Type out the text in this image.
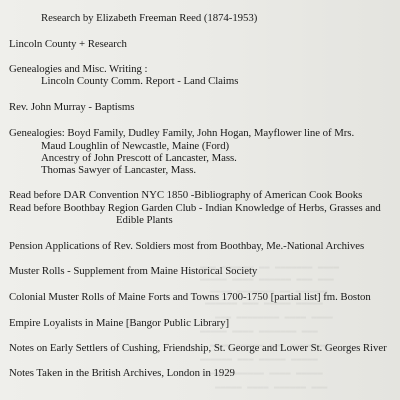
Research by Elizabeth Freeman Reed (1874-1953)
Lincoln County + Research
Genealogies and Misc. Writing :
Lincoln County Comm. Report - Land Claims
Rev. John Murray - Baptisms
Genealogies: Boyd Family, Dudley Family, John Hogan, Mayflower line of Mrs.
Maud Loughlin of Newcastle, Maine (Ford)
Ancestry of John Prescott of Lancaster, Mass.
Thomas Sawyer of Lancaster, Mass.
Read before DAR Convention NYC 1850 -Bibliography of American Cook Books
Read before Boothbay Region Garden Club - Indian Knowledge of Herbs, Grasses and
Edible Plants
Pension Applications of Rev. Soldiers most from Boothbay, Me.-National Archives
Muster Rolls - Supplement from Maine Historical Society
Colonial Muster Rolls of Maine Forts and Towns 1700-1750 [partial list] fm. Boston
Empire Loyalists in Maine [Bangor Public Library]
Notes on Early Settlers of Cushing, Friendship, St. George and Lower St. Georges River
Notes Taken in the British Archives, London in 1929
